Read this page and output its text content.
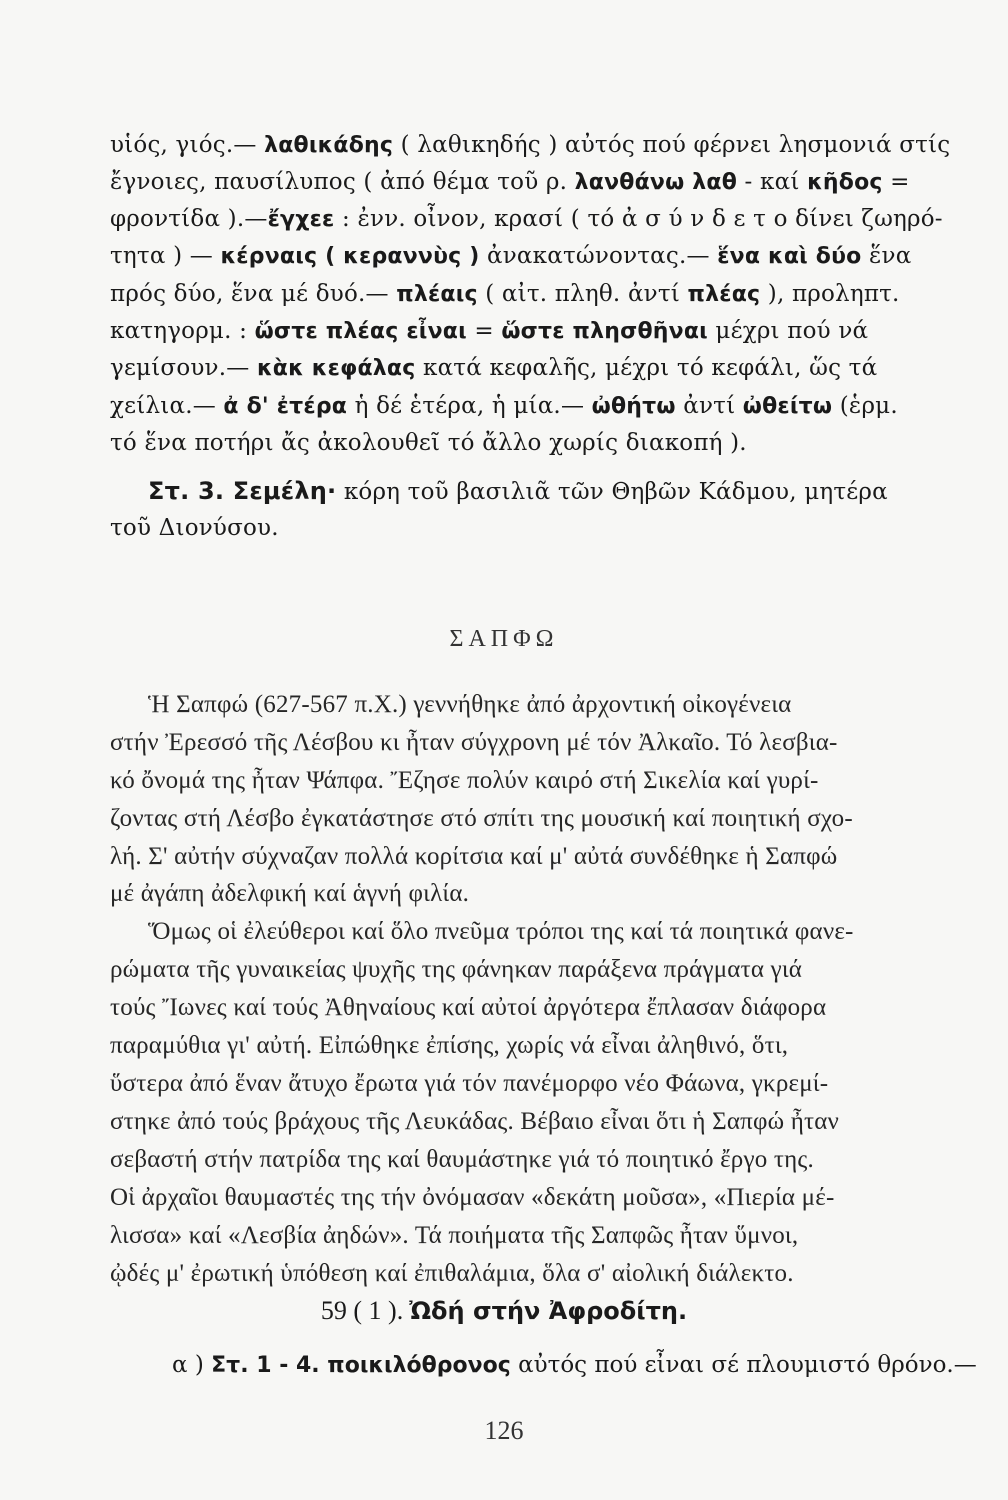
υἱός, γιός.— λαθικάδης ( λαθικηδής ) αὐτός πού φέρνει λησμονιά στίς
ἔγνοιες, παυσίλυπος ( ἀπό θέμα τοῦ ρ. λανθάνω λαθ - καί κῆδος =
φροντίδα ).—ἔγχεε : ἐνν. οἶνον, κρασί ( τό ἀ σ ύ ν δ ε τ ο δίνει ζωηρό-
τητα ) — κέρναις ( κεραννὺς ) ἀνακατώνοντας.— ἕνα καὶ δύο ἕνα
πρός δύο, ἕνα μέ δυό.— πλέαις ( αἰτ. πληθ. ἀντί πλέας ), προληπτ.
κατηγορμ. : ὥστε πλέας εἶναι = ὥστε πλησθῆναι μέχρι πού νά
γεμίσουν.— κὰκ κεφάλας κατά κεφαλῆς, μέχρι τό κεφάλι, ὥς τά
χείλια.— ἀ δ' ἐτέρα ἡ δέ ἑτέρα, ἡ μία.— ὠθήτω ἀντί ὠθείτω (ἑρμ.
τό ἕνα ποτήρι ἄς ἀκολουθεῖ τό ἄλλο χωρίς διακοπή ).
Στ. 3. Σεμέλη· κόρη τοῦ βασιλιᾶ τῶν Θηβῶν Κάδμου, μητέρα
τοῦ Διονύσου.
ΣΑΠΦΩ
Ἡ Σαπφώ (627-567 π.Χ.) γεννήθηκε ἀπό ἀρχοντική οἰκογένεια
στήν Ἐρεσσό τῆς Λέσβου κι ἦταν σύγχρονη μέ τόν Ἀλκαῖο. Τό λεσβια-
κό ὄνομά της ἦταν Ψάπφα. Ἔζησε πολύν καιρό στή Σικελία καί γυρί-
ζοντας στή Λέσβο ἐγκατάστησε στό σπίτι της μουσική καί ποιητική σχο-
λή. Σ' αὐτήν σύχναζαν πολλά κορίτσια καί μ' αὐτά συνδέθηκε ἡ Σαπφώ
μέ ἀγάπη ἀδελφική καί ἁγνή φιλία.
Ὅμως οἱ ἐλεύθεροι καί ὅλο πνεῦμα τρόποι της καί τά ποιητικά φανε-
ρώματα τῆς γυναικείας ψυχῆς της φάνηκαν παράξενα πράγματα γιά
τούς Ἴωνες καί τούς Ἀθηναίους καί αὐτοί ἀργότερα ἔπλασαν διάφορα
παραμύθια γι' αὐτή. Εἰπώθηκε ἐπίσης, χωρίς νά εἶναι ἀληθινό, ὅτι,
ὕστερα ἀπό ἕναν ἄτυχο ἔρωτα γιά τόν πανέμορφο νέο Φάωνα, γκρεμί-
στηκε ἀπό τούς βράχους τῆς Λευκάδας. Βέβαιο εἶναι ὅτι ἡ Σαπφώ ἦταν
σεβαστή στήν πατρίδα της καί θαυμάστηκε γιά τό ποιητικό ἔργο της.
Οἱ ἀρχαῖοι θαυμαστές της τήν ὀνόμασαν «δεκάτη μοῦσα», «Πιερία μέ-
λισσα» καί «Λεσβία ἀηδών». Τά ποιήματα τῆς Σαπφῶς ἦταν ὕμνοι,
ᾠδές μ' ἐρωτική ὑπόθεση καί ἐπιθαλάμια, ὅλα σ' αἰολική διάλεκτο.
59 ( 1 ). Ὠδή στήν Ἀφροδίτη.
α ) Στ. 1 - 4. ποικιλόθρονος αὐτός πού εἶναι σέ πλουμιστό θρόνο.—
126
